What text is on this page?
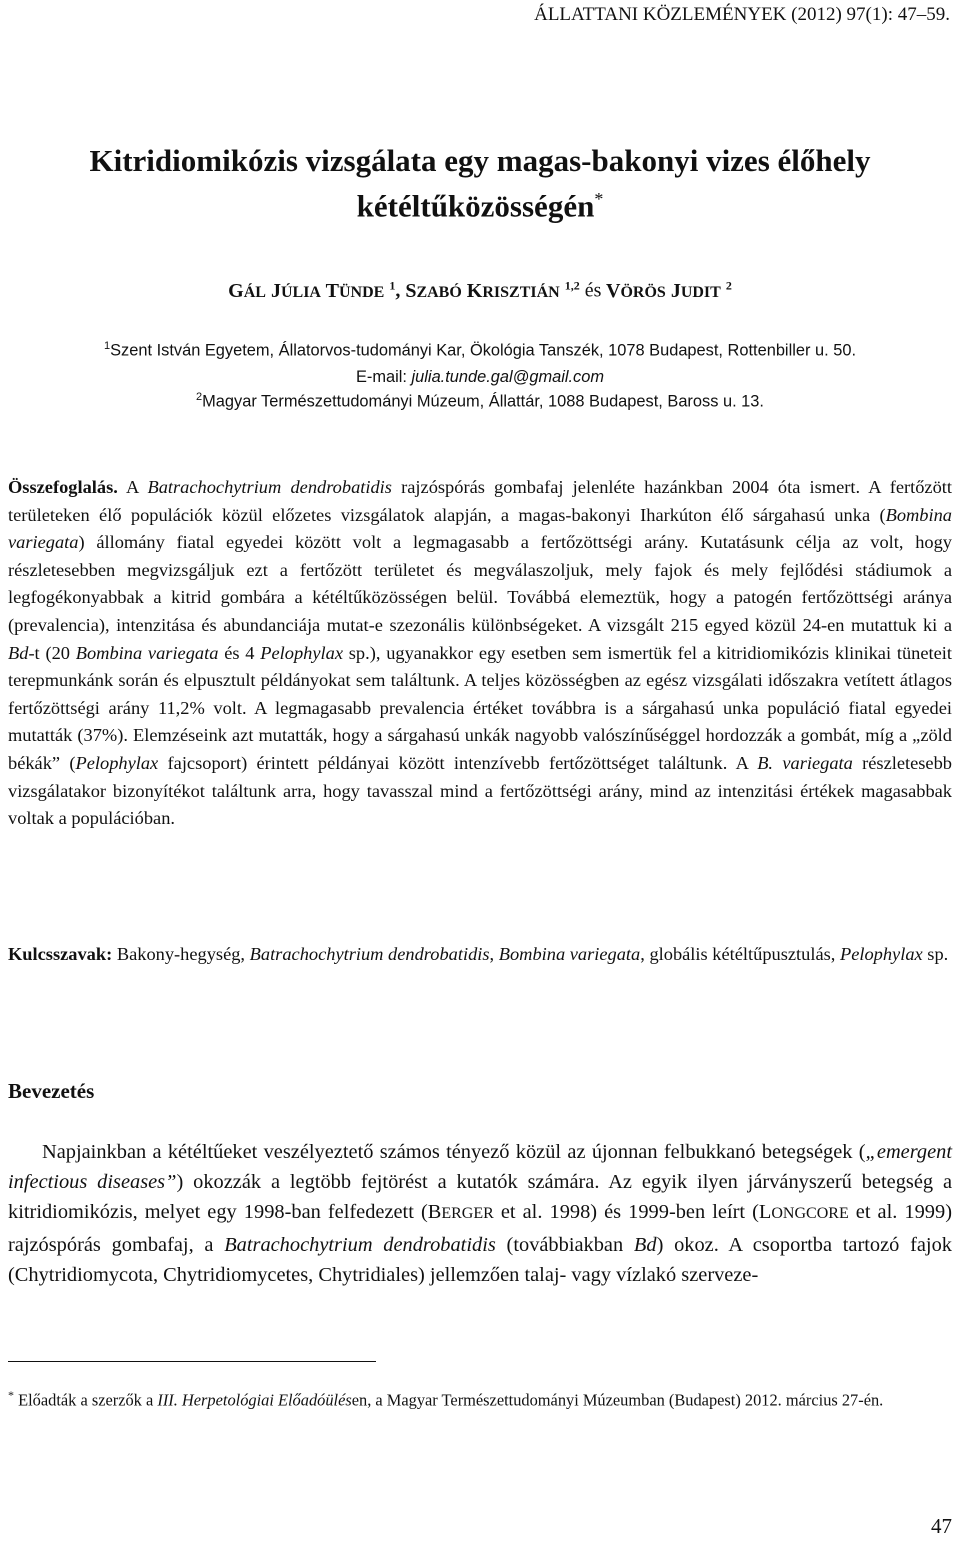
ÁLLATTANI KÖZLEMÉNYEK (2012) 97(1): 47–59.
Kitridiomikózis vizsgálata egy magas-bakonyi vizes élőhely
kétéltűközösségén*
GÁL JÚLIA TÜNDE $^1$, SZABÓ KRISZTIÁN $^{1,2}$ és VÖRÖS JUDIT $^2$
$^1$Szent István Egyetem, Állatorvos-tudományi Kar, Ökológia Tanszék, 1078 Budapest, Rottenbiller u. 50.
E-mail: julia.tunde.gal@gmail.com
$^2$Magyar Természettudományi Múzeum, Állattár, 1088 Budapest, Baross u. 13.

Összefoglalás. A Batrachochytrium dendrobatidis rajzóspórás gombafaj jelenléte hazánkban 2004 óta ismert. A fertőzött területeken élő populációk közül előzetes vizsgálatok alapján, a magas-bakonyi Iharkúton élő sárgahasú unka (Bombina variegata) állomány fiatal egyedei között volt a legmagasabb a fertőzöttségi arány. Kutatásunk célja az volt, hogy részletesebben megvizsgáljuk ezt a fertőzött területet és megválaszoljuk, mely fajok és mely fejlődési stádiumok a legfogékonyabbak a kitrid gombára a kétéltűközösségen belül. Továbbá elemeztük, hogy a patogén fertőzöttségi aránya (prevalencia), intenzitása és abundanciája mutat-e szezonális különbségeket. A vizsgált 215 egyed közül 24-en mutattuk ki a Bd-t (20 Bombina variegata és 4 Pelophylax sp.), ugyanakkor egy esetben sem ismertük fel a kitridiomikózis klinikai tüneteit terepmunkánk során és elpusztult példányokat sem találtunk. A teljes közösségben az egész vizsgálati időszakra vetített átlagos fertőzöttségi arány 11,2% volt. A legmagasabb prevalencia értéket továbbra is a sárgahasú unka populáció fiatal egyedei mutatták (37%). Elemzéseink azt mutatták, hogy a sárgahasú unkák nagyobb valószínűséggel hordozzák a gombát, míg a „zöld békák” (Pelophylax fajcsoport) érintett példányai között intenzívebb fertőzöttséget találtunk. A B. variegata részletesebb vizsgálatakor bizonyítékot találtunk arra, hogy tavasszal mind a fertőzöttségi arány, mind az intenzitási értékek magasabbak voltak a populációban.

Kulcsszavak: Bakony-hegység, Batrachochytrium dendrobatidis, Bombina variegata, globális kétéltűpusztulás, Pelophylax sp.

Bevezetés

Napjainkban a kétéltűeket veszélyeztető számos tényező közül az újonnan felbukkanó betegségek („emergent infectious diseases”) okozzák a legtöbb fejtörést a kutatók számára. Az egyik ilyen járványszerű betegség a kitridiomikózis, melyet egy 1998-ban felfedezett (BERGER et al. 1998) és 1999-ben leírt (LONGCORE et al. 1999) rajzóspórás gombafaj, a Batrachochytrium dendrobatidis (továbbiakban Bd) okoz. A csoportba tartozó fajok (Chytridiomycota, Chytridiomycetes, Chytridiales) jellemzően talaj- vagy vízlakó szerveze-

* Előadták a szerzők a III. Herpetológiai Előadóülésen, a Magyar Természettudományi Múzeumban (Budapest) 2012. március 27-én.

47
